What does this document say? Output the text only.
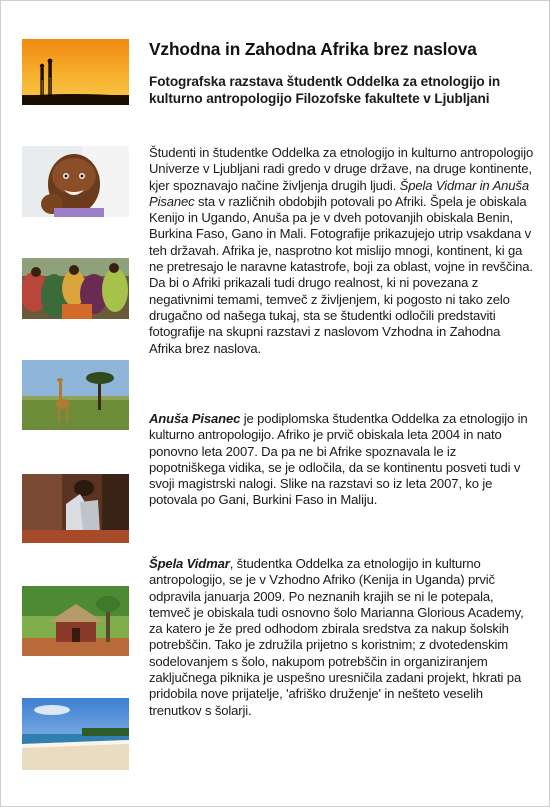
Vzhodna in Zahodna Afrika brez naslova
Fotografska razstava študentk Oddelka za etnologijo in kulturno antropologijo Filozofske fakultete v Ljubljani

Študenti in študentke Oddelka za etnologijo in kulturno antropologijo Univerze v Ljubljani radi gredo v druge države, na druge kontinente, kjer spoznavajo načine življenja drugih ljudi. Špela Vidmar in Anuša Pisanec sta v različnih obdobjih potovali po Afriki. Špela je obiskala Kenijo in Ugando, Anuša pa je v dveh potovanjih obiskala Benin, Burkina Faso, Gano in Mali. Fotografije prikazujejo utrip vsakdana v teh državah. Afrika je, nasprotno kot mislijo mnogi, kontinent, ki ga ne pretresajo le naravne katastrofe, boji za oblast, vojne in revščina. Da bi o Afriki prikazali tudi drugo realnost, ki ni povezana z negativnimi temami, temveč z življenjem, ki pogosto ni tako zelo drugačno od našega tukaj, sta se študentki odločili predstaviti fotografije na skupni razstavi z naslovom Vzhodna in Zahodna Afrika brez naslova.

Anuša Pisanec je podiplomska študentka Oddelka za etnologijo in kulturno antropologijo. Afriko je prvič obiskala leta 2004 in nato ponovno leta 2007. Da pa ne bi Afrike spoznavala le iz popotniškega vidika, se je odločila, da se kontinentu posveti tudi v svoji magistrski nalogi. Slike na razstavi so iz leta 2007, ko je potovala po Gani, Burkini Faso in Maliju.

Špela Vidmar, študentka Oddelka za etnologijo in kulturno antropologijo, se je v Vzhodno Afriko (Kenija in Uganda) prvič odpravila januarja 2009. Po neznanih krajih se ni le potepala, temveč je obiskala tudi osnovno šolo Marianna Glorious Academy, za katero je že pred odhodom zbirala sredstva za nakup šolskih potrebščin. Tako je združila prijetno s koristnim; z dvotedenskim sodelovanjem s šolo, nakupom potrebščin in organiziranjem zaključnega piknika je uspešno uresničila zadani projekt, hkrati pa pridobila nove prijatelje, 'afriško druženje' in nešteto veselih trenutkov s šolarji.
